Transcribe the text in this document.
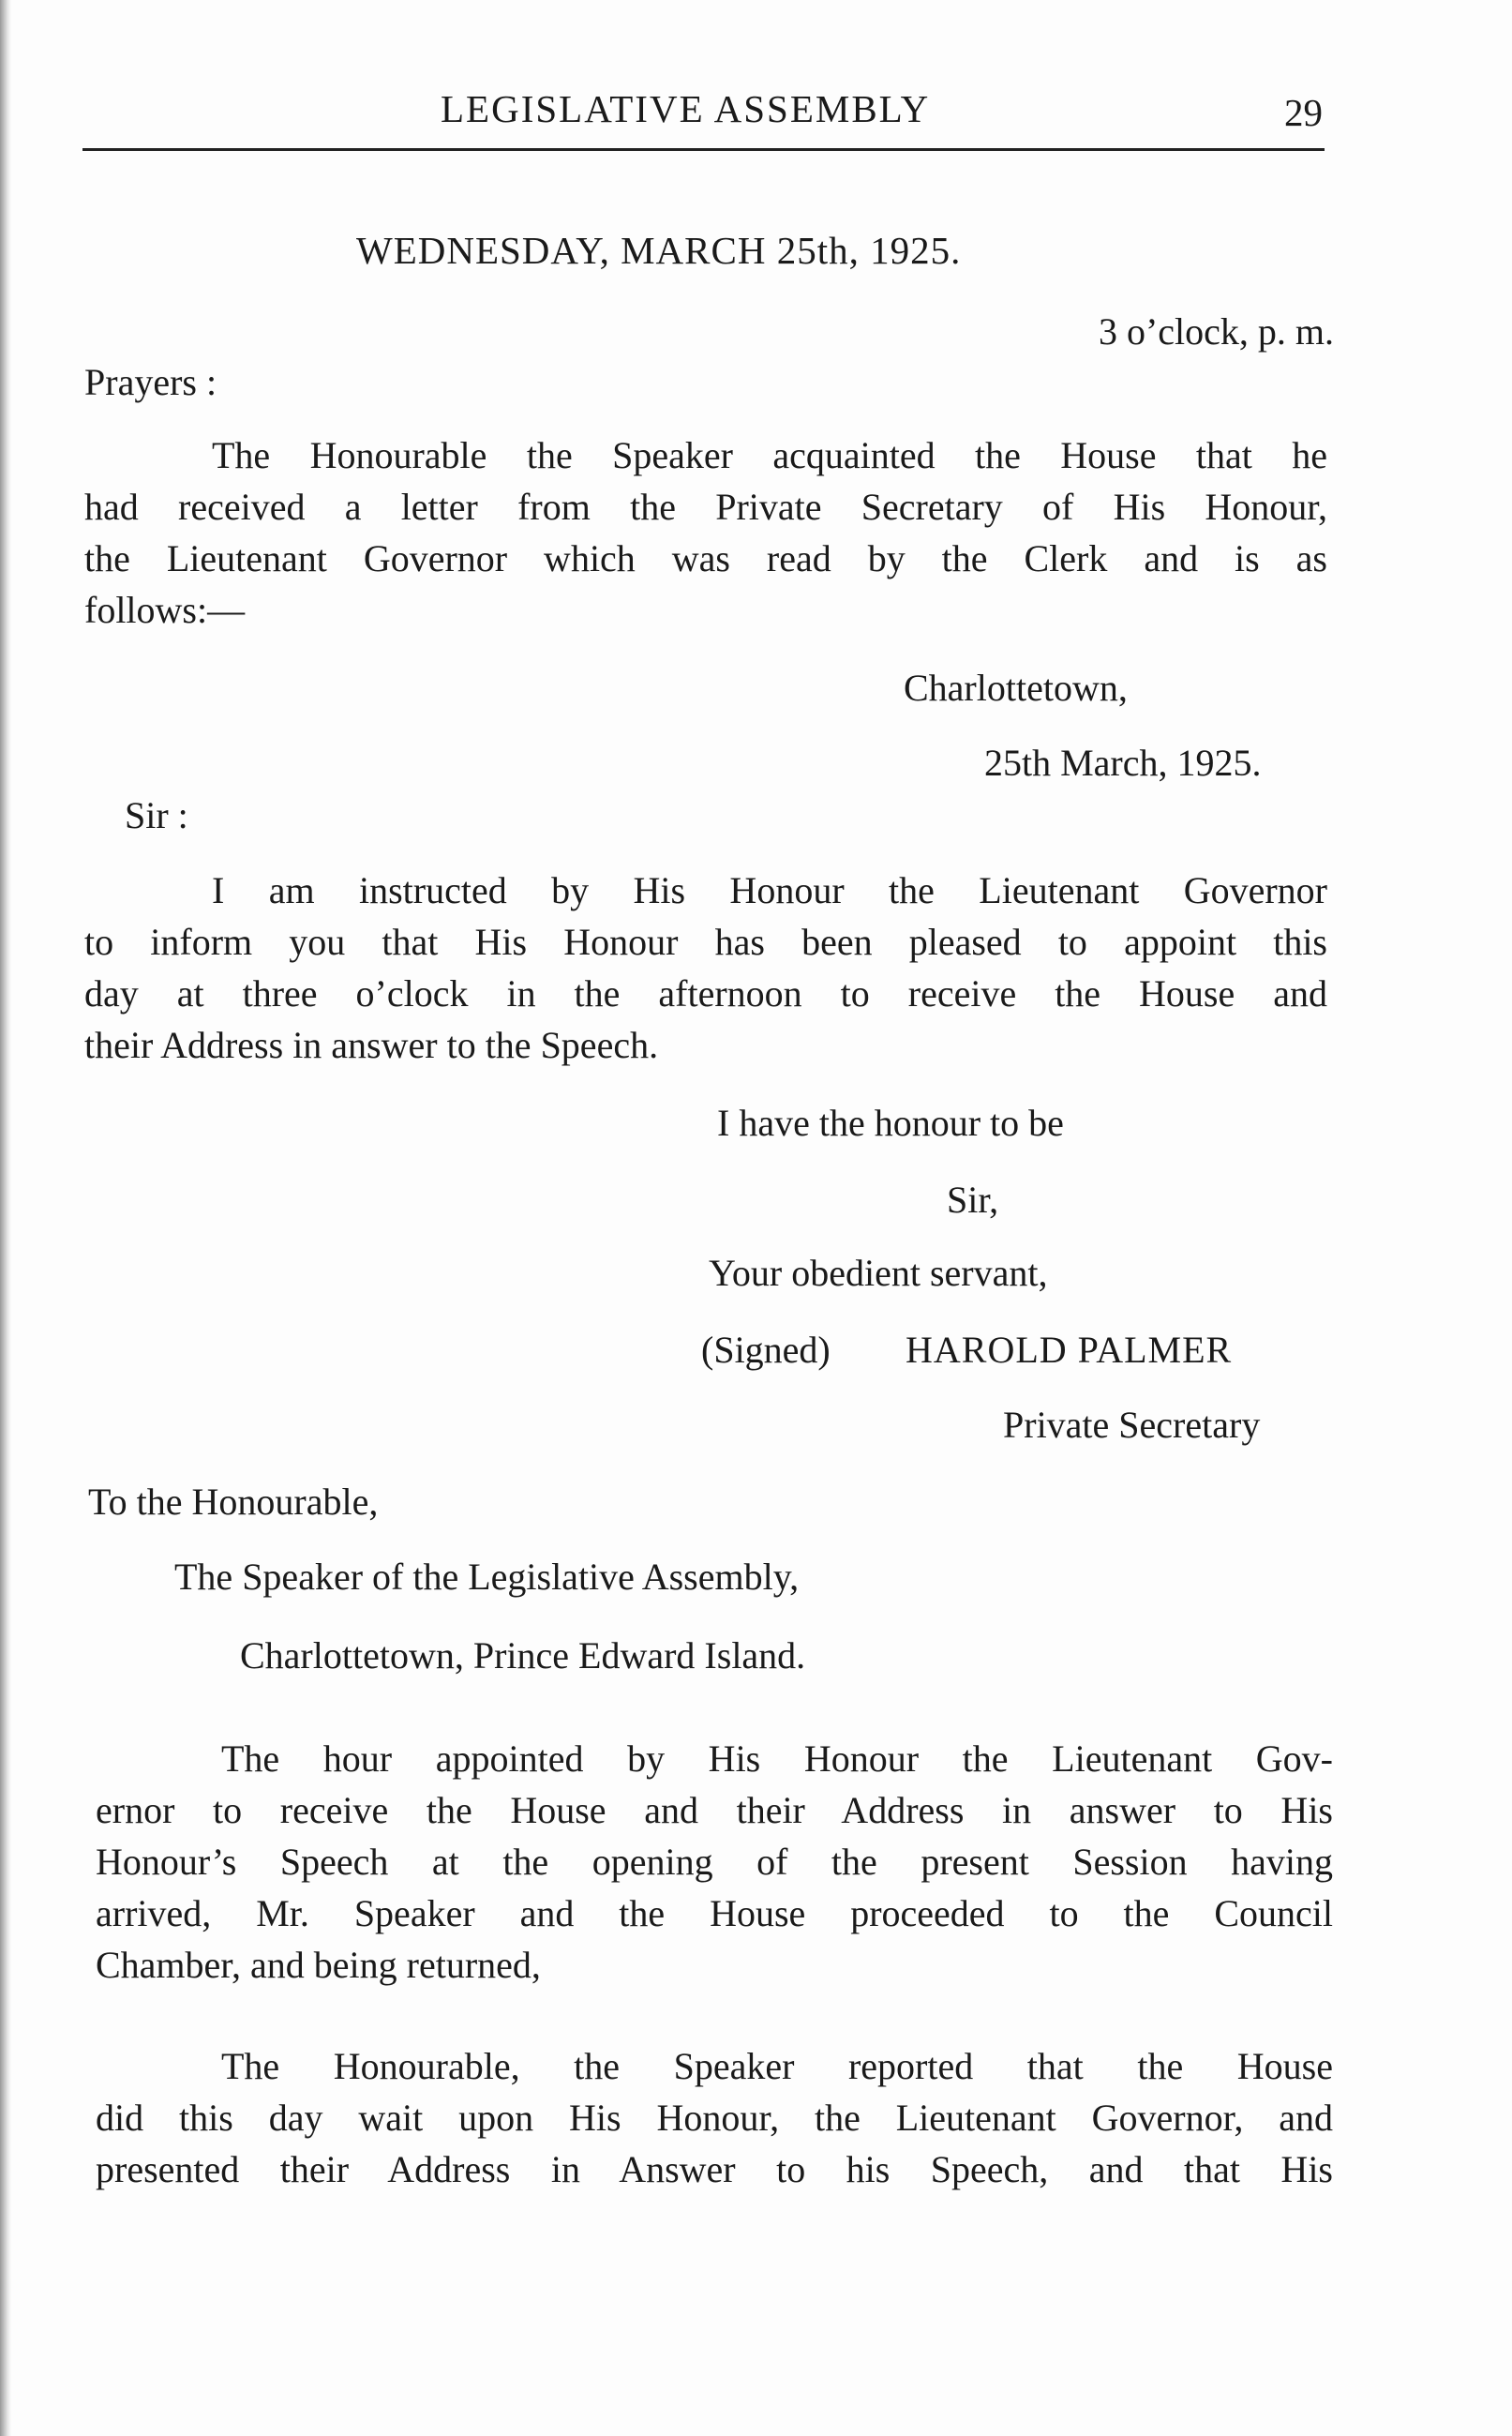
LEGISLATIVE ASSEMBLY	29
WEDNESDAY, MARCH 25th, 1925.
3 o’clock, p. m.
Prayers :
The Honourable the Speaker acquainted the House that he
had received a letter from the Private Secretary of His Honour,
the Lieutenant Governor which was read by the Clerk and is as
follows:—
Charlottetown,
25th March, 1925.
Sir :
I am instructed by His Honour the Lieutenant Governor
to inform you that His Honour has been pleased to appoint this
day at three o’clock in the afternoon to receive the House and
their Address in answer to the Speech.
I have the honour to be
Sir,
Your obedient servant,
(Signed) HAROLD PALMER
Private Secretary
To the Honourable,
The Speaker of the Legislative Assembly,
Charlottetown, Prince Edward Island.
The hour appointed by His Honour the Lieutenant Gov-
ernor to receive the House and their Address in answer to His
Honour’s Speech at the opening of the present Session having
arrived, Mr. Speaker and the House proceeded to the Council
Chamber, and being returned,
The Honourable, the Speaker reported that the House
did this day wait upon His Honour, the Lieutenant Governor, and
presented their Address in Answer to his Speech, and that His
